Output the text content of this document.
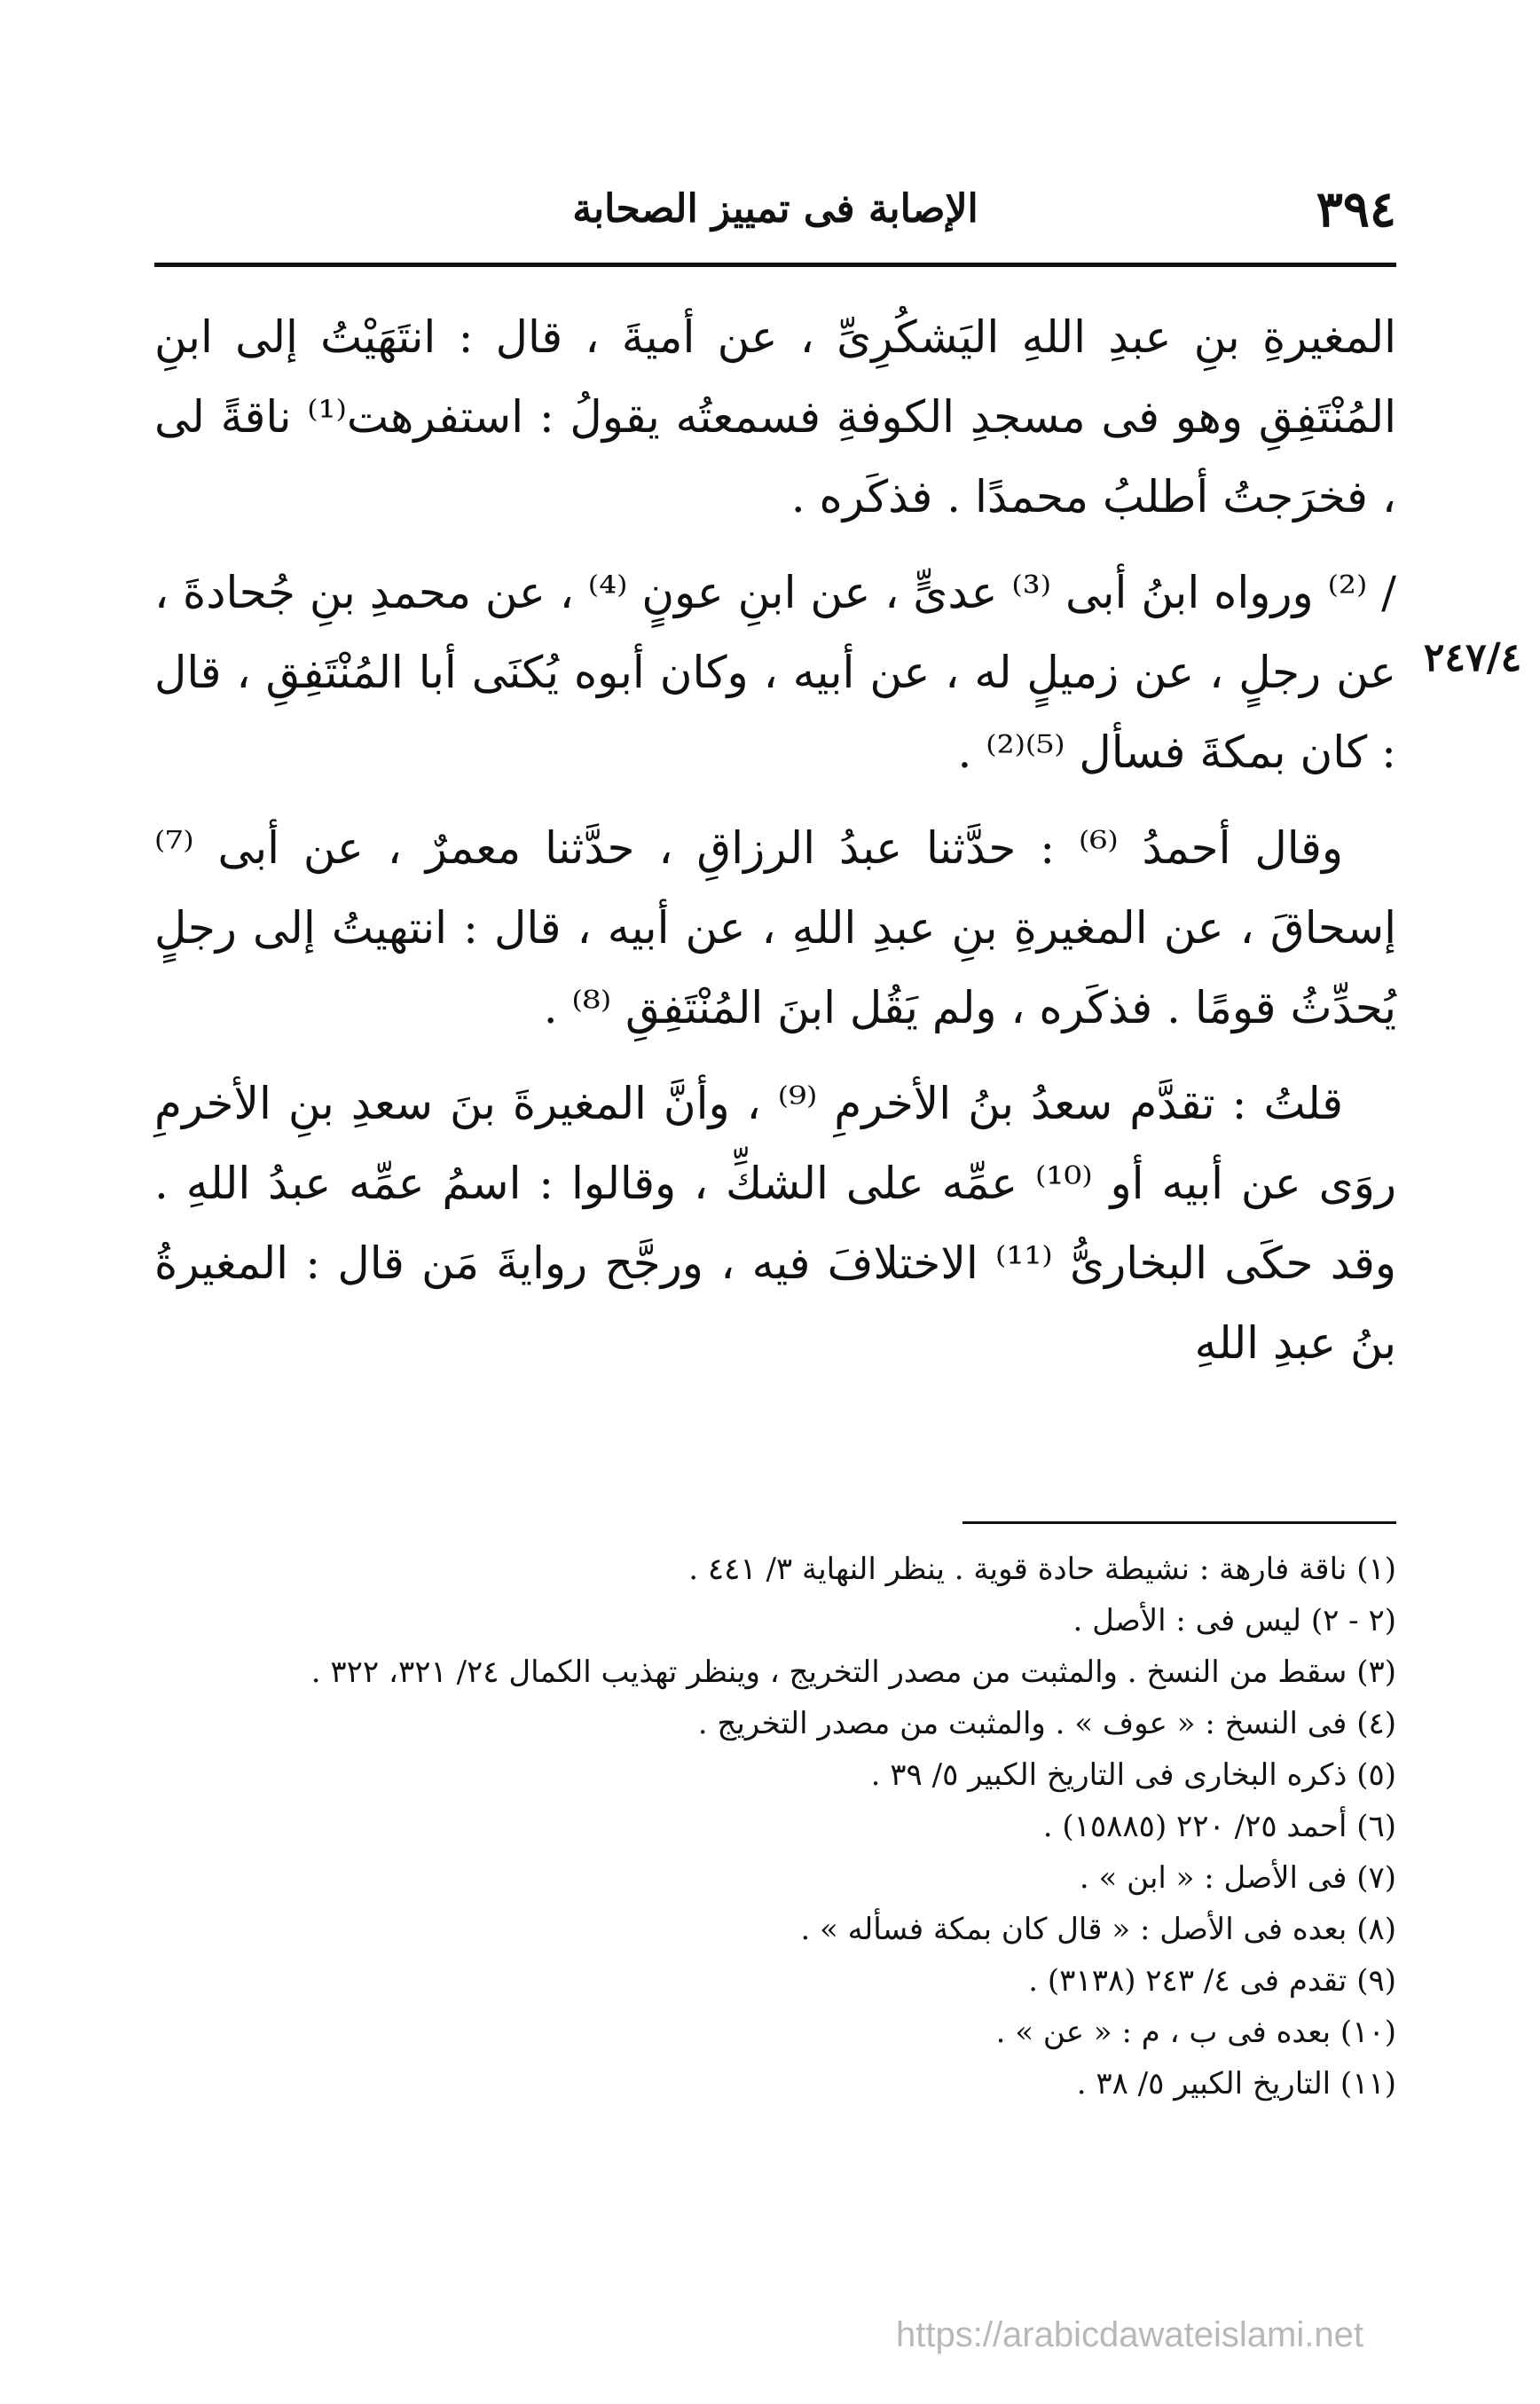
٣٩٤
الإصابة فى تمييز الصحابة
٢٤٧/٤

المغيرةِ بنِ عبدِ اللهِ اليَشكُرِىِّ ، عن أميةَ ، قال : انتَهَيْتُ إلى ابنِ المُنْتَفِقِ وهو فى مسجدِ الكوفةِ فسمعتُه يقولُ : استفرهت⁽¹⁾ ناقةً لى ، فخرَجتُ أطلبُ محمدًا . فذكَره .

/ ⁽²⁾ ورواه ابنُ أبى ⁽³⁾ عدىٍّ ، عن ابنِ عونٍ ⁽⁴⁾ ، عن محمدِ بنِ جُحادةَ ، عن رجلٍ ، عن زميلٍ له ، عن أبيه ، وكان أبوه يُكنَى أبا المُنْتَفِقِ ، قال : كان بمكةَ فسأل ⁽⁵⁾⁽²⁾ .

وقال أحمدُ ⁽⁶⁾ : حدَّثنا عبدُ الرزاقِ ، حدَّثنا معمرٌ ، عن أبى ⁽⁷⁾ إسحاقَ ، عن المغيرةِ بنِ عبدِ اللهِ ، عن أبيه ، قال : انتهيتُ إلى رجلٍ يُحدِّثُ قومًا . فذكَره ، ولم يَقُل ابنَ المُنْتَفِقِ ⁽⁸⁾ .

قلتُ : تقدَّم سعدُ بنُ الأخرمِ ⁽⁹⁾ ، وأنَّ المغيرةَ بنَ سعدِ بنِ الأخرمِ روَى عن أبيه أو ⁽¹⁰⁾ عمِّه على الشكِّ ، وقالوا : اسمُ عمِّه عبدُ اللهِ . وقد حكَى البخارىُّ ⁽¹¹⁾ الاختلافَ فيه ، ورجَّح روايةَ مَن قال : المغيرةُ بنُ عبدِ اللهِ

(١) ناقة فارهة : نشيطة حادة قوية . ينظر النهاية ٣/ ٤٤١ .
(٢ - ٢) ليس فى : الأصل .
(٣) سقط من النسخ . والمثبت من مصدر التخريج ، وينظر تهذيب الكمال ٢٤/ ٣٢١، ٣٢٢ .
(٤) فى النسخ : « عوف » . والمثبت من مصدر التخريج .
(٥) ذكره البخارى فى التاريخ الكبير ٥/ ٣٩ .
(٦) أحمد ٢٥/ ٢٢٠ (١٥٨٨٥) .
(٧) فى الأصل : « ابن » .
(٨) بعده فى الأصل : « قال كان بمكة فسأله » .
(٩) تقدم فى ٤/ ٢٤٣ (٣١٣٨) .
(١٠) بعده فى ب ، م : « عن » .
(١١) التاريخ الكبير ٥/ ٣٨ .
https://arabicdawateislami.net
